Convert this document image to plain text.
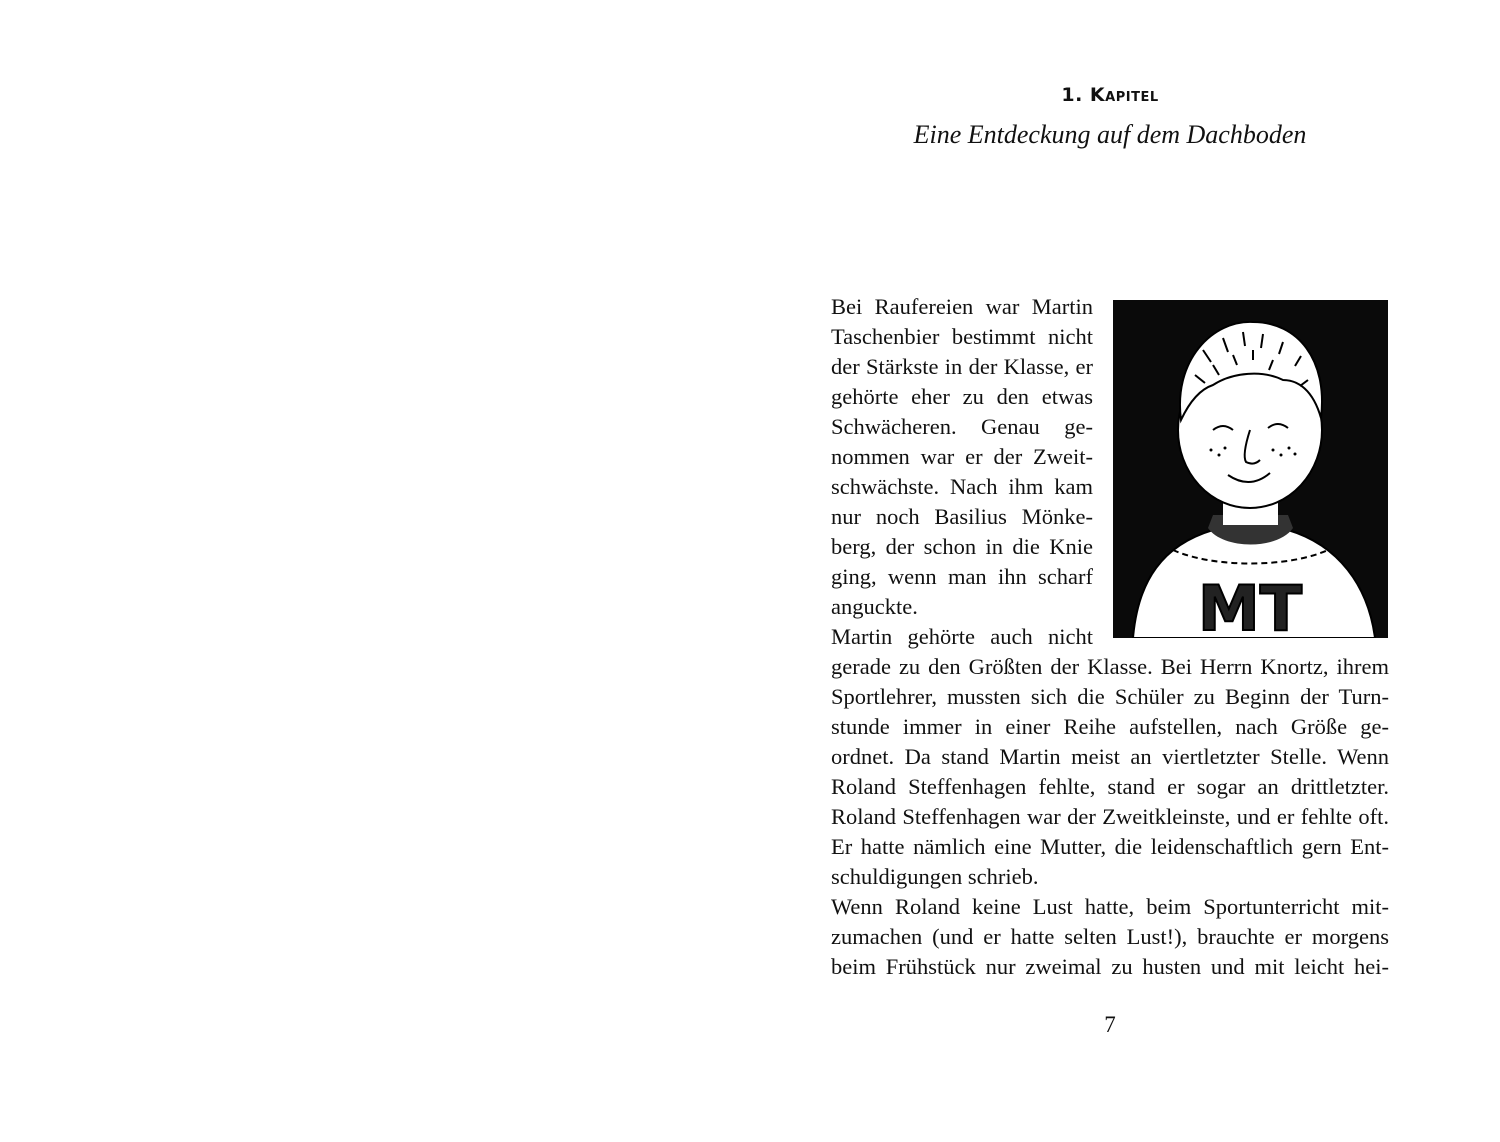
1. Kapitel
Eine Entdeckung auf dem Dachboden
Bei Raufereien war Martin
Taschenbier bestimmt nicht
der Stärkste in der Klasse, er
gehörte eher zu den etwas
Schwächeren. Genau ge-
nommen war er der Zweit-
schwächste. Nach ihm kam
nur noch Basilius Mönke-
berg, der schon in die Knie
ging, wenn man ihn scharf
anguckte.
Martin gehörte auch nicht
gerade zu den Größten der Klasse. Bei Herrn Knortz, ihrem
Sportlehrer, mussten sich die Schüler zu Beginn der Turn-
stunde immer in einer Reihe aufstellen, nach Größe ge-
ordnet. Da stand Martin meist an viertletzter Stelle. Wenn
Roland Steffenhagen fehlte, stand er sogar an drittletzter.
Roland Steffenhagen war der Zweitkleinste, und er fehlte oft.
Er hatte nämlich eine Mutter, die leidenschaftlich gern Ent-
schuldigungen schrieb.
Wenn Roland keine Lust hatte, beim Sportunterricht mit-
zumachen (und er hatte selten Lust!), brauchte er morgens
beim Frühstück nur zweimal zu husten und mit leicht hei-
MT
7
